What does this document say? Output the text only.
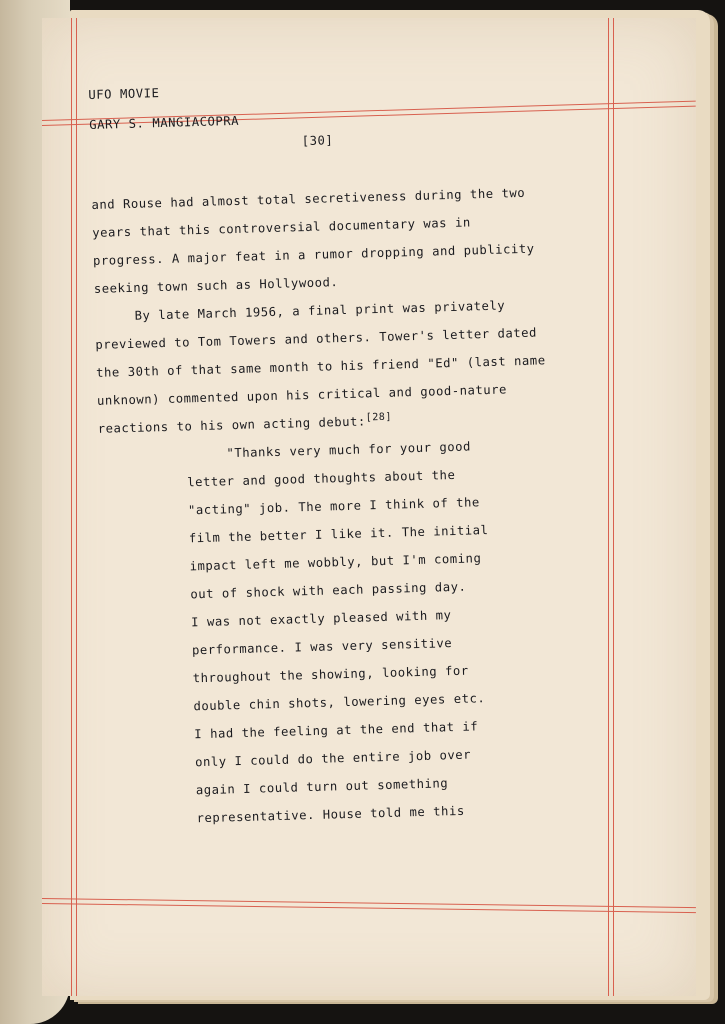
UFO MOVIE
GARY S. MANGIACOPRA
[30]
and Rouse had almost total secretiveness during the two
years that this controversial documentary was in
progress. A major feat in a rumor dropping and publicity
seeking town such as Hollywood.
By late March 1956, a final print was privately
previewed to Tom Towers and others. Tower's letter dated
the 30th of that same month to his friend "Ed" (last name
unknown) commented upon his critical and good-nature
reactions to his own acting debut:[28]
"Thanks very much for your good
letter and good thoughts about the
"acting" job. The more I think of the
film the better I like it. The initial
impact left me wobbly, but I'm coming
out of shock with each passing day.
I was not exactly pleased with my
performance. I was very sensitive
throughout the showing, looking for
double chin shots, lowering eyes etc.
I had the feeling at the end that if
only I could do the entire job over
again I could turn out something
representative. House told me this
